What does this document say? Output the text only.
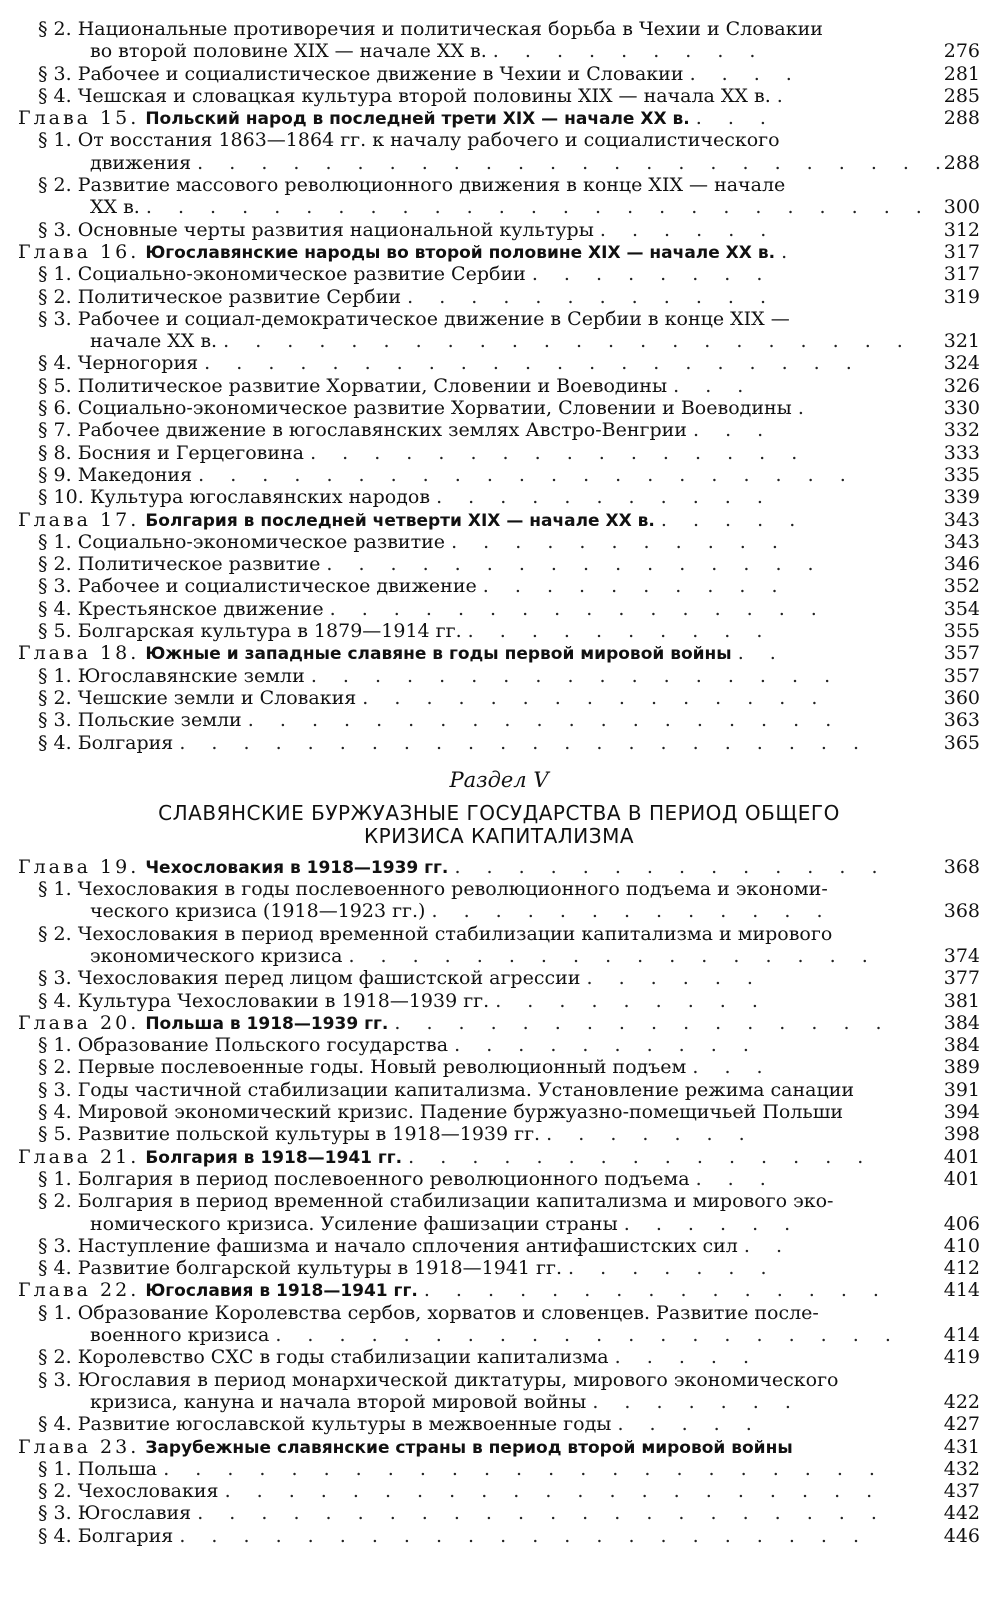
§ 2. Национальные противоречия и политическая борьба в Чехии и Словакии
во второй половине XIX — начале XX в. . . . . . . . . .	276
§ 3. Рабочее и социалистическое движение в Чехии и Словакии . . . .	281
§ 4. Чешская и словацкая культура второй половины XIX — начала XX в. .	285
Глава 15. Польский народ в последней трети XIX — начале XX в. . . .	288
§ 1. От восстания 1863—1864 гг. к началу рабочего и социалистического
движения . . . . . . . . . . . . . . . . . . . . . . . .
288
§ 2. Развитие массового революционного движения в конце XIX — начале
XX в. . . . . . . . . . . . . . . . . . . . . . . . . . 300
§ 3. Основные черты развития национальной культуры . . . . . .	312
Глава 16. Югославянские народы во второй половине XIX — начале XX в. .	317
§ 1. Социально-экономическое развитие Сербии . . . . . . . .	317
§ 2. Политическое развитие Сербии . . . . . . . . . . . .	319
§ 3. Рабочее и социал-демократическое движение в Сербии в конце XIX —
начале XX в. . . . . . . . . . . . . . . . . . . . . . . 321
§ 4. Черногория . . . . . . . . . . . . . . . . . . . . .	324
§ 5. Политическое развитие Хорватии, Словении и Воеводины . . .	326
§ 6. Социально-экономическое развитие Хорватии, Словении и Воеводины .	330
§ 7. Рабочее движение в югославянских землях Австро-Венгрии . . .	332
§ 8. Босния и Герцеговина . . . . . . . . . . . . . . . .	333
§ 9. Македония . . . . . . . . . . . . . . . . . . . . .	335
§ 10. Культура югославянских народов . . . . . . . . . . .	339
Глава 17. Болгария в последней четверти XIX — начале XX в. . . . . .	343
§ 1. Социально-экономическое развитие . . . . . . . . . . .	343
§ 2. Политическое развитие . . . . . . . . . . . . . . . .	346
§ 3. Рабочее и социалистическое движение . . . . . . . . . .	352
§ 4. Крестьянское движение . . . . . . . . . . . . . . . .	354
§ 5. Болгарская культура в 1879—1914 гг. . . . . . . . . . .	355
Глава 18. Южные и западные славяне в годы первой мировой войны . .	357
§ 1. Югославянские земли . . . . . . . . . . . . . . . . .	357
§ 2. Чешские земли и Словакия . . . . . . . . . . . . . . .	360
§ 3. Польские земли . . . . . . . . . . . . . . . . . . .	363
§ 4. Болгария . . . . . . . . . . . . . . . . . . . . . .	365
Раздел V
СЛАВЯНСКИЕ БУРЖУАЗНЫЕ ГОСУДАРСТВА В ПЕРИОД ОБЩЕГО
КРИЗИСА КАПИТАЛИЗМА
Глава 19. Чехословакия в 1918—1939 гг. . . . . . . . . . . . . . .	368
§ 1. Чехословакия в годы послевоенного революционного подъема и экономи-
ческого кризиса (1918—1923 гг.) . . . . . . . . . . . . .	368
§ 2. Чехословакия в период временной стабилизации капитализма и мирового
экономического кризиса . . . . . . . . . . . . . . . . .	374
§ 3. Чехословакия перед лицом фашистской агрессии . . . . . .	377
§ 4. Культура Чехословакии в 1918—1939 гг. . . . . . . . . .	381
Глава 20. Польша в 1918—1939 гг. . . . . . . . . . . . . . . . .	384
§ 1. Образование Польского государства . . . . . . . . . .	384
§ 2. Первые послевоенные годы. Новый революционный подъем . . .	389
§ 3. Годы частичной стабилизации капитализма. Установление режима санации	391
§ 4. Мировой экономический кризис. Падение буржуазно-помещичьей Польши	394
§ 5. Развитие польской культуры в 1918—1939 гг. . . . . . . .	398
Глава 21. Болгария в 1918—1941 гг. . . . . . . . . . . . . . . .	401
§ 1. Болгария в период послевоенного революционного подъема . . .	401
§ 2. Болгария в период временной стабилизации капитализма и мирового эко-
номического кризиса. Усиление фашизации страны . . . . . .	406
§ 3. Наступление фашизма и начало сплочения антифашистских сил . .	410
§ 4. Развитие болгарской культуры в 1918—1941 гг. . . . . . . .	412
Глава 22. Югославия в 1918—1941 гг. . . . . . . . . . . . . . . .	414
§ 1. Образование Королевства сербов, хорватов и словенцев. Развитие после-
военного кризиса . . . . . . . . . . . . . . . . . . . . 414
§ 2. Королевство СХС в годы стабилизации капитализма . . . . .	419
§ 3. Югославия в период монархической диктатуры, мирового экономического
кризиса, кануна и начала второй мировой войны . . . . . . .	422
§ 4. Развитие югославской культуры в межвоенные годы . . . . .	427
Глава 23. Зарубежные славянские страны в период второй мировой войны	431
§ 1. Польша . . . . . . . . . . . . . . . . . . . . . . .	432
§ 2. Чехословакия . . . . . . . . . . . . . . . . . . . . .	437
§ 3. Югославия . . . . . . . . . . . . . . . . . . . . . .	442
§ 4. Болгария . . . . . . . . . . . . . . . . . . . . . .	446
